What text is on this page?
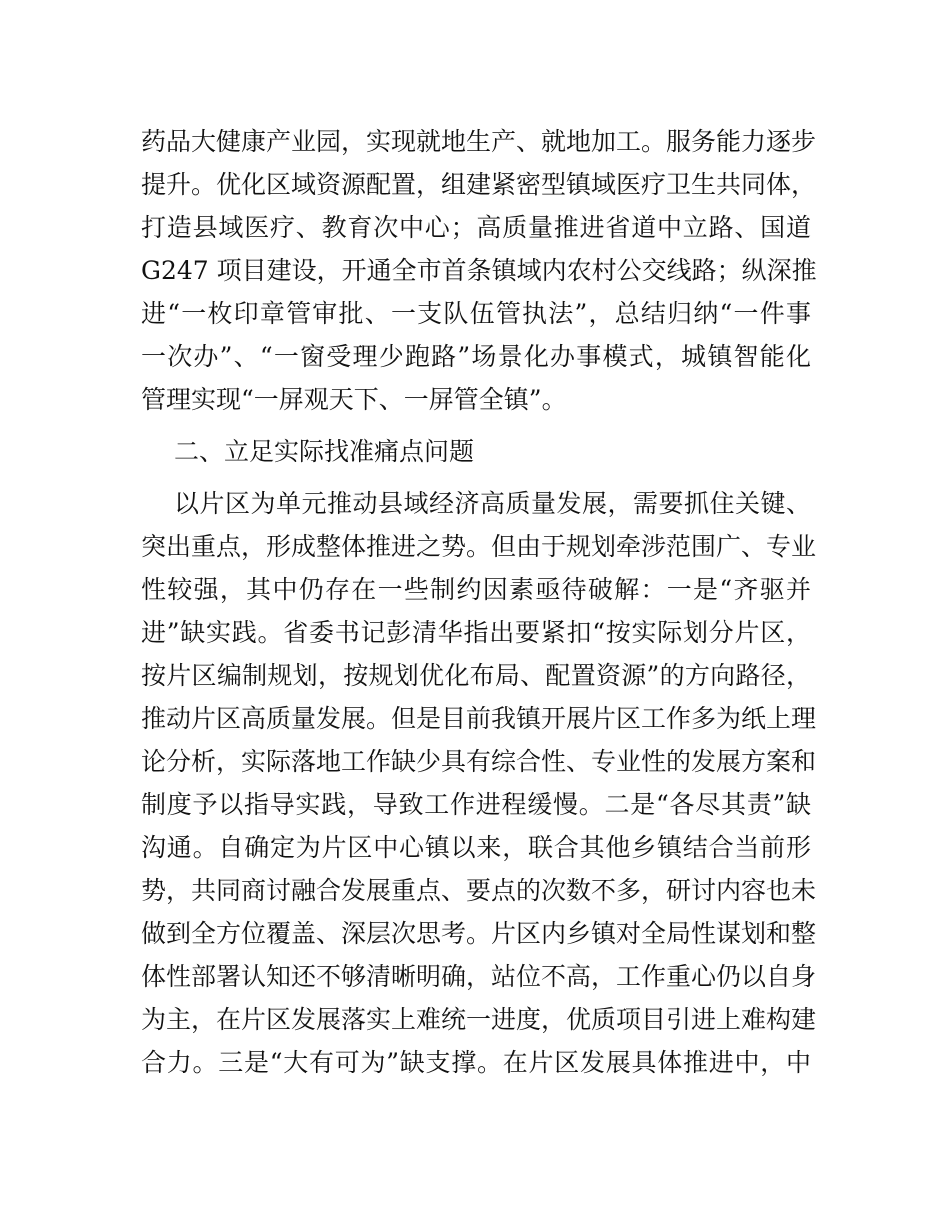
药品大健康产业园，实现就地生产、就地加工。服务能力逐步
提升。优化区域资源配置，组建紧密型镇域医疗卫生共同体，
打造县域医疗、教育次中心；高质量推进省道中立路、国道
G247 项目建设，开通全市首条镇域内农村公交线路；纵深推
进“一枚印章管审批、一支队伍管执法”，总结归纳“一件事
一次办”、“一窗受理少跑路”场景化办事模式，城镇智能化
管理实现“一屏观天下、一屏管全镇”。
二、立足实际找准痛点问题
以片区为单元推动县域经济高质量发展，需要抓住关键、
突出重点，形成整体推进之势。但由于规划牵涉范围广、专业
性较强，其中仍存在一些制约因素亟待破解：一是“齐驱并
进”缺实践。省委书记彭清华指出要紧扣“按实际划分片区，
按片区编制规划，按规划优化布局、配置资源”的方向路径，
推动片区高质量发展。但是目前我镇开展片区工作多为纸上理
论分析，实际落地工作缺少具有综合性、专业性的发展方案和
制度予以指导实践，导致工作进程缓慢。二是“各尽其责”缺
沟通。自确定为片区中心镇以来，联合其他乡镇结合当前形
势，共同商讨融合发展重点、要点的次数不多，研讨内容也未
做到全方位覆盖、深层次思考。片区内乡镇对全局性谋划和整
体性部署认知还不够清晰明确，站位不高，工作重心仍以自身
为主，在片区发展落实上难统一进度，优质项目引进上难构建
合力。三是“大有可为”缺支撑。在片区发展具体推进中，中
